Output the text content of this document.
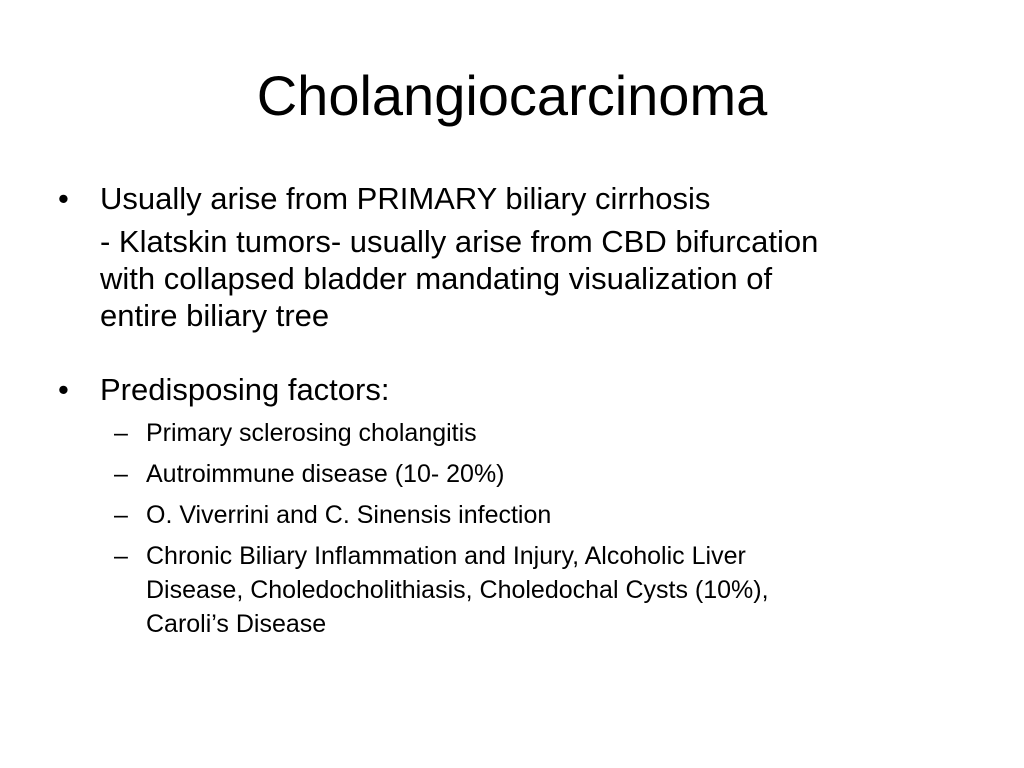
Cholangiocarcinoma
• Usually arise from PRIMARY biliary cirrhosis
- Klatskin tumors- usually arise from CBD bifurcation
with collapsed bladder mandating visualization of
entire biliary tree
• Predisposing factors:
– Primary sclerosing cholangitis
– Autroimmune disease (10- 20%)
– O. Viverrini and C. Sinensis infection
– Chronic Biliary Inflammation and Injury, Alcoholic Liver
Disease, Choledocholithiasis, Choledochal Cysts (10%),
Caroli’s Disease
